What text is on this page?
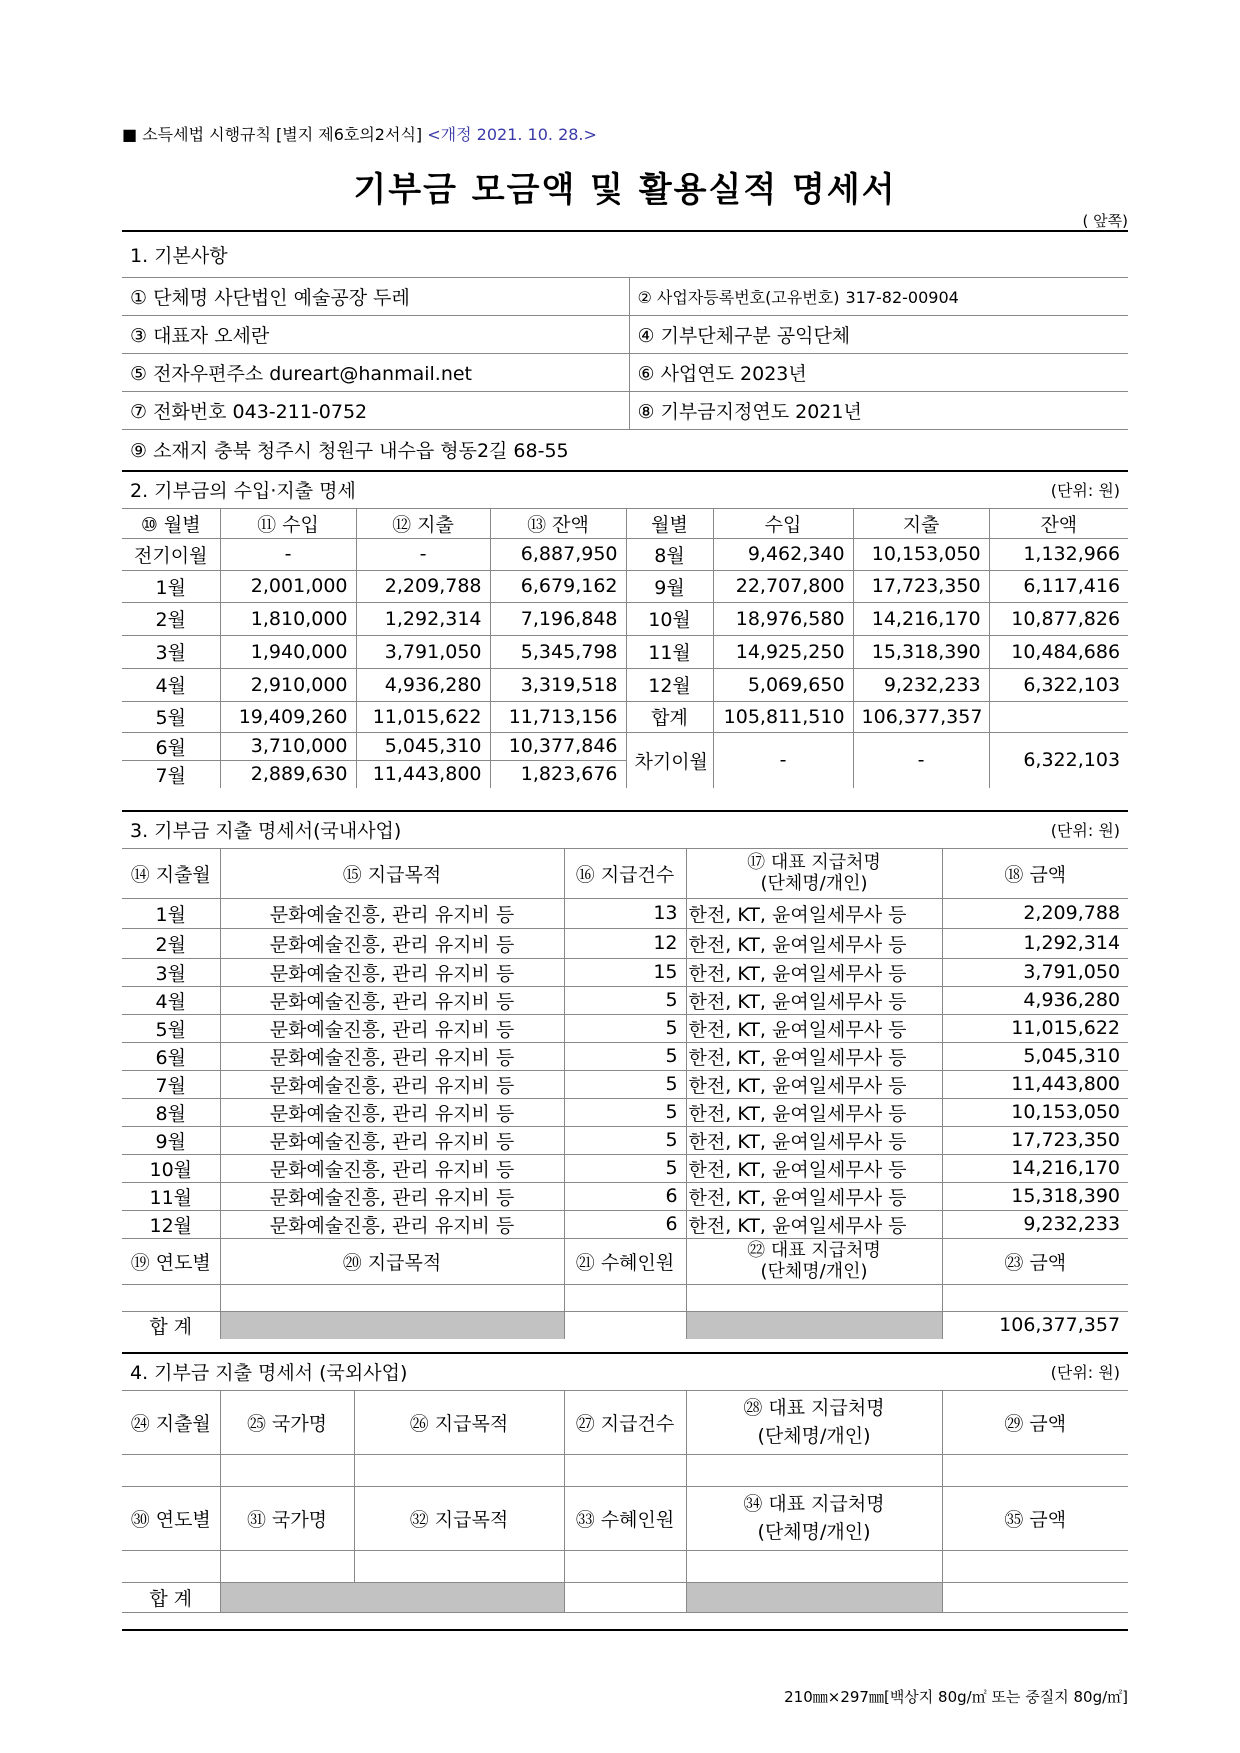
■ 소득세법 시행규칙 [별지 제6호의2서식] <개정 2021. 10. 28.>
기부금 모금액 및 활용실적 명세서
( 앞쪽)
1. 기본사항	
① 단체명 사단법인 예술공장 두레	② 사업자등록번호(고유번호) 317-82-00904
③ 대표자 오세란	④ 기부단체구분 공익단체
⑤ 전자우편주소 dureart@hanmail.net	⑥ 사업연도 2023년
⑦ 전화번호 043-211-0752	⑧ 기부금지정연도 2021년
⑨ 소재지 충북 청주시 청원구 내수읍 형동2길 68-55	
2. 기부금의 수입·지출 명세						(단위: 원)	
⑩ 월별	⑪ 수입	⑫ 지출	⑬ 잔액	월별	수입	지출	잔액
전기이월	-	-	6,887,950	8월	9,462,340	10,153,050	1,132,966
1월	2,001,000	2,209,788	6,679,162	9월	22,707,800	17,723,350	6,117,416
2월	1,810,000	1,292,314	7,196,848	10월	18,976,580	14,216,170	10,877,826
3월	1,940,000	3,791,050	5,345,798	11월	14,925,250	15,318,390	10,484,686
4월	2,910,000	4,936,280	3,319,518	12월	5,069,650	9,232,233	6,322,103
5월	19,409,260	11,015,622	11,713,156	합계	105,811,510	106,377,357	
6월	3,710,000	5,045,310	10,377,846	차기이월	-	-	6,322,103
7월	2,889,630	11,443,800	1,823,676				
3. 기부금 지출 명세서(국내사업)			(단위: 원)	
⑭ 지출월	⑮ 지급목적	⑯ 지급건수	⑰ 대표 지급처명
(단체명/개인)	⑱ 금액
1월	문화예술진흥, 관리 유지비 등	13	한전, KT, 윤여일세무사 등	2,209,788
2월	문화예술진흥, 관리 유지비 등	12	한전, KT, 윤여일세무사 등	1,292,314
3월	문화예술진흥, 관리 유지비 등	15	한전, KT, 윤여일세무사 등	3,791,050
4월	문화예술진흥, 관리 유지비 등	5	한전, KT, 윤여일세무사 등	4,936,280
5월	문화예술진흥, 관리 유지비 등	5	한전, KT, 윤여일세무사 등	11,015,622
6월	문화예술진흥, 관리 유지비 등	5	한전, KT, 윤여일세무사 등	5,045,310
7월	문화예술진흥, 관리 유지비 등	5	한전, KT, 윤여일세무사 등	11,443,800
8월	문화예술진흥, 관리 유지비 등	5	한전, KT, 윤여일세무사 등	10,153,050
9월	문화예술진흥, 관리 유지비 등	5	한전, KT, 윤여일세무사 등	17,723,350
10월	문화예술진흥, 관리 유지비 등	5	한전, KT, 윤여일세무사 등	14,216,170
11월	문화예술진흥, 관리 유지비 등	6	한전, KT, 윤여일세무사 등	15,318,390
12월	문화예술진흥, 관리 유지비 등	6	한전, KT, 윤여일세무사 등	9,232,233
⑲ 연도별	⑳ 지급목적	㉑ 수혜인원	㉒ 대표 지급처명
(단체명/개인)	㉓ 금액

합 계				106,377,357
4. 기부금 지출 명세서 (국외사업)				(단위: 원)	
㉔ 지출월	㉕ 국가명	㉖ 지급목적	㉗ 지급건수	㉘ 대표 지급처명
(단체명/개인)	㉙ 금액

㉚ 연도별	㉛ 국가명	㉜ 지급목적	㉝ 수혜인원	㉞ 대표 지급처명
(단체명/개인)	㉟ 금액

합 계					
210㎜×297㎜[백상지 80g/㎡ 또는 중질지 80g/㎡]
